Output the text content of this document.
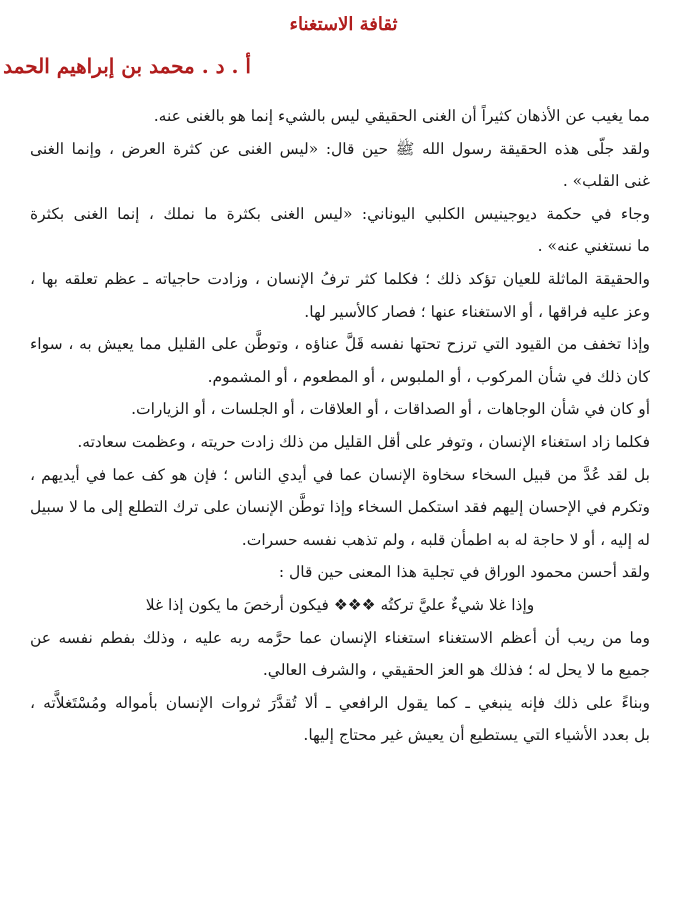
ثقافة الاستغناء
أ . د . محمد بن إبراهيم الحمد
مما يغيب عن الأذهان كثيراً أن الغنى الحقيقي ليس بالشيء إنما هو بالغنى عنه.
ولقد جلّى هذه الحقيقة رسول الله ﷺ حين قال: «ليس الغنى عن كثرة العرض ، وإنما الغنى
غنى القلب» .
وجاء في حكمة ديوجينيس الكلبي اليوناني: «ليس الغنى بكثرة ما نملك ، إنما الغنى بكثرة
ما نستغني عنه» .
والحقيقة الماثلة للعيان تؤكد ذلك ؛ فكلما كثر ترفُ الإنسان ، وزادت حاجياته ـ عظم تعلقه بها ،
وعز عليه فراقها ، أو الاستغناء عنها ؛ فصار كالأسير لها.
وإذا تخفف من القيود التي ترزح تحتها نفسه قَلَّ عناؤه ، وتوطَّن على القليل مما يعيش به ، سواء
كان ذلك في شأن المركوب ، أو الملبوس ، أو المطعوم ، أو المشموم.
أو كان في شأن الوجاهات ، أو الصداقات ، أو العلاقات ، أو الجلسات ، أو الزيارات.
فكلما زاد استغناء الإنسان ، وتوفر على أقل القليل من ذلك زادت حريته ، وعظمت سعادته.
بل لقد عُدَّ من قبيل السخاء سخاوة الإنسان عما في أيدي الناس ؛ فإن هو كف عما في أيديهم ،
وتكرم في الإحسان إليهم فقد استكمل السخاء وإذا توطَّن الإنسان على ترك التطلع إلى ما لا سبيل
له إليه ، أو لا حاجة له به اطمأن قلبه ، ولم تذهب نفسه حسرات.
ولقد أحسن محمود الوراق في تجلية هذا المعنى حين قال :
وإذا غلا شيءٌ عليَّ تركتُه ❖❖❖ فيكون أرخصَ ما يكون إذا غلا
وما من ريب أن أعظم الاستغناء استغناء الإنسان عما حرَّمه ربه عليه ، وذلك بفطم نفسه عن
جميع ما لا يحل له ؛ فذلك هو العز الحقيقي ، والشرف العالي.
وبناءً على ذلك فإنه ينبغي ـ كما يقول الرافعي ـ ألا تُقدَّرَ ثروات الإنسان بأمواله ومُسْتَغلاَّته ،
بل بعدد الأشياء التي يستطيع أن يعيش غير محتاج إليها.
